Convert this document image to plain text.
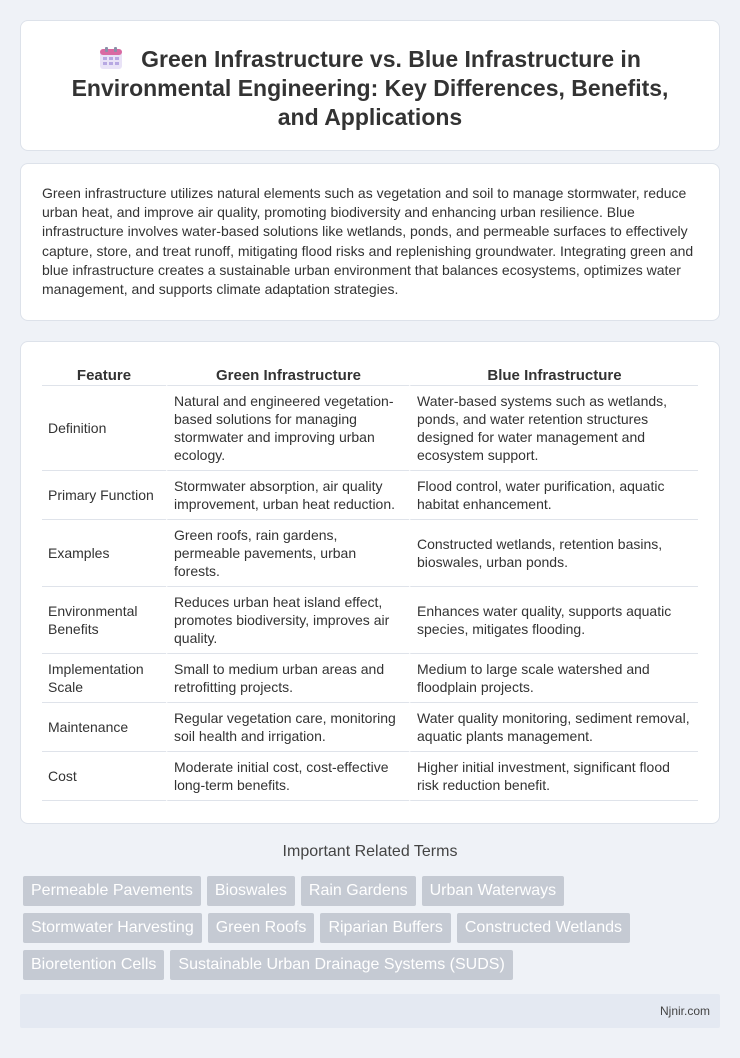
Green Infrastructure vs. Blue Infrastructure in Environmental Engineering: Key Differences, Benefits, and Applications

Green infrastructure utilizes natural elements such as vegetation and soil to manage stormwater, reduce urban heat, and improve air quality, promoting biodiversity and enhancing urban resilience. Blue infrastructure involves water-based solutions like wetlands, ponds, and permeable surfaces to effectively capture, store, and treat runoff, mitigating flood risks and replenishing groundwater. Integrating green and blue infrastructure creates a sustainable urban environment that balances ecosystems, optimizes water management, and supports climate adaptation strategies.

Feature	Green Infrastructure	Blue Infrastructure
Definition	Natural and engineered vegetation-based solutions for managing stormwater and improving urban ecology.	Water-based systems such as wetlands, ponds, and water retention structures designed for water management and ecosystem support.
Primary Function	Stormwater absorption, air quality improvement, urban heat reduction.	Flood control, water purification, aquatic habitat enhancement.
Examples	Green roofs, rain gardens, permeable pavements, urban forests.	Constructed wetlands, retention basins, bioswales, urban ponds.
Environmental Benefits	Reduces urban heat island effect, promotes biodiversity, improves air quality.	Enhances water quality, supports aquatic species, mitigates flooding.
Implementation Scale	Small to medium urban areas and retrofitting projects.	Medium to large scale watershed and floodplain projects.
Maintenance	Regular vegetation care, monitoring soil health and irrigation.	Water quality monitoring, sediment removal, aquatic plants management.
Cost	Moderate initial cost, cost-effective long-term benefits.	Higher initial investment, significant flood risk reduction benefit.
Important Related Terms
Permeable Pavements Bioswales Rain Gardens Urban Waterways
Stormwater Harvesting Green Roofs Riparian Buffers Constructed Wetlands
Bioretention Cells Sustainable Urban Drainage Systems (SUDS)
Njnir.com
